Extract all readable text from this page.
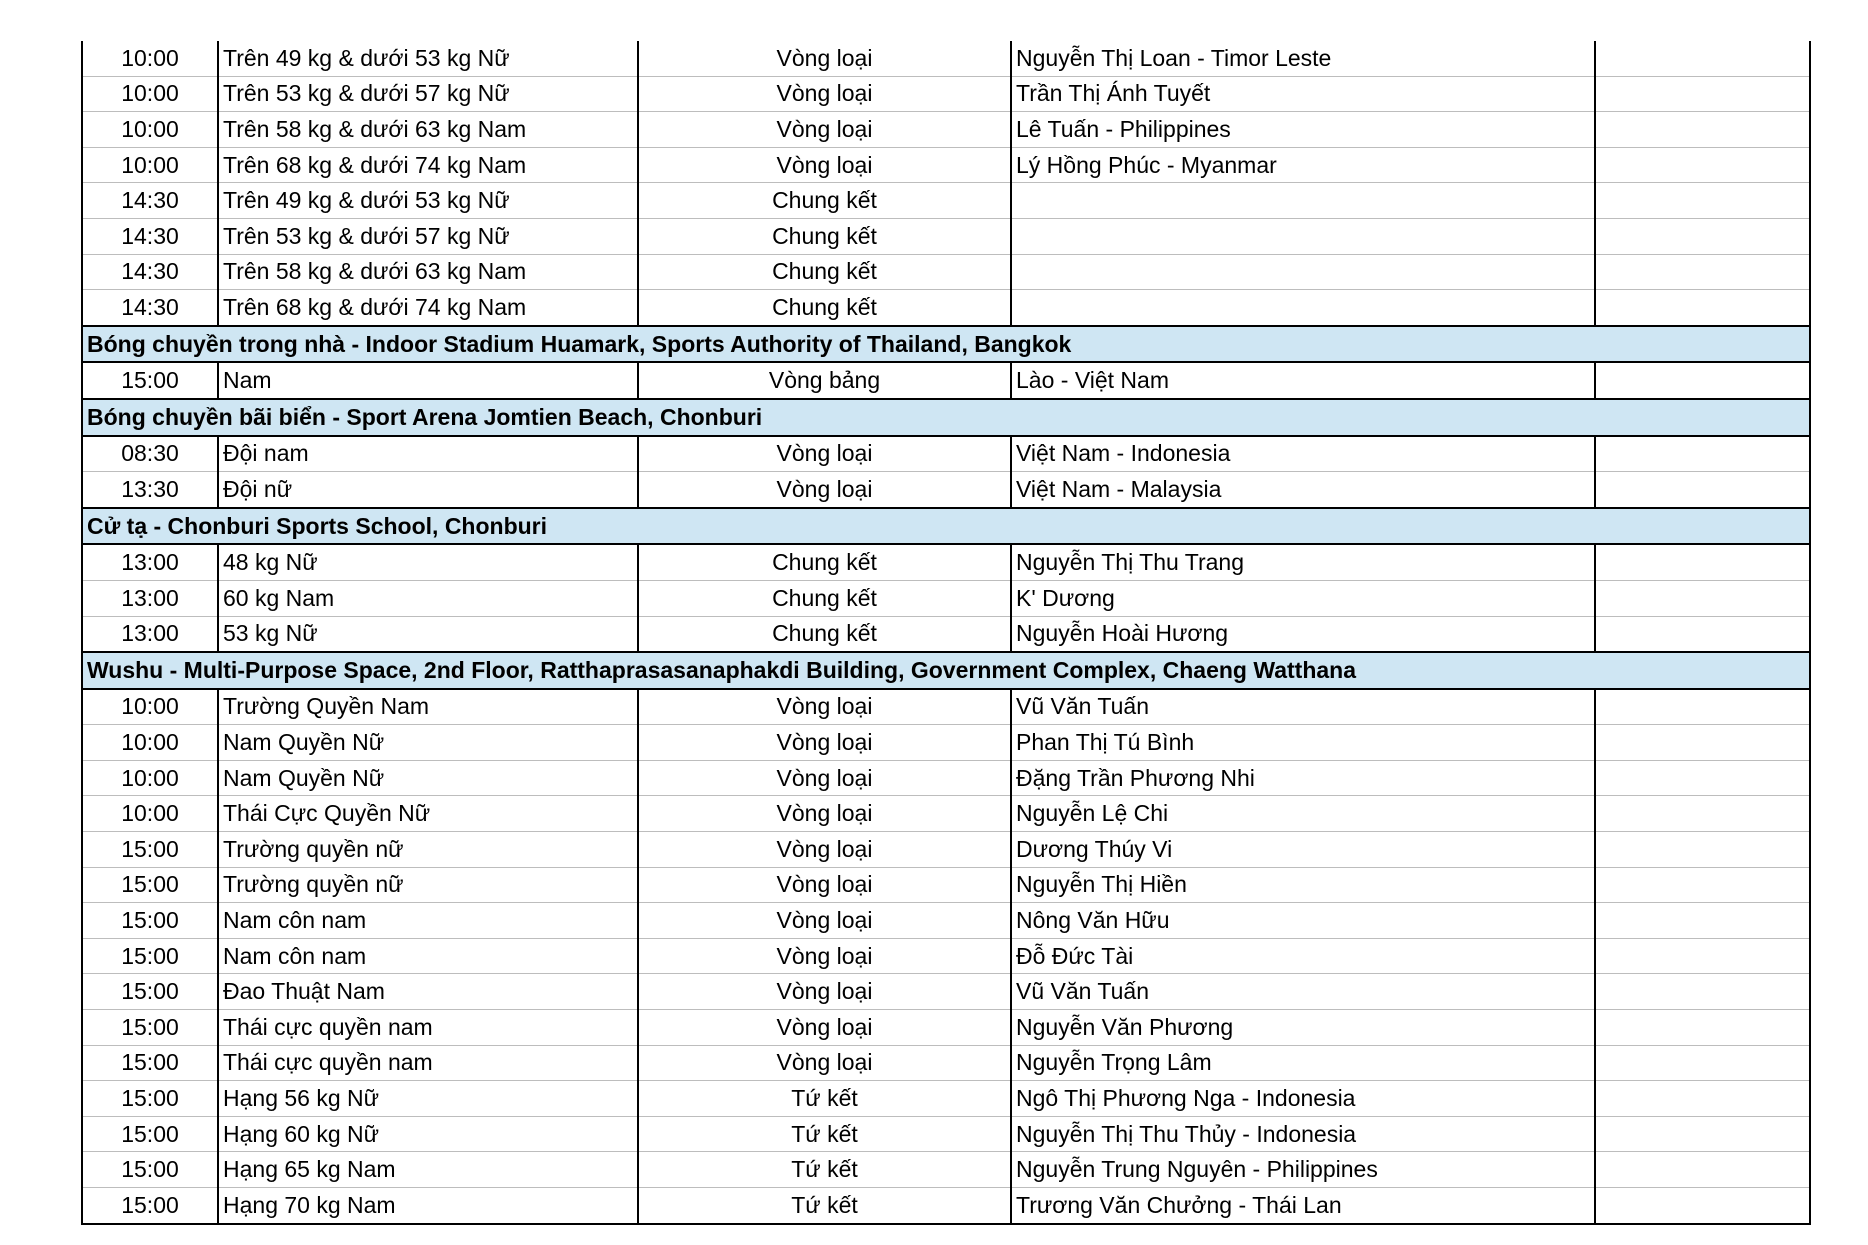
10:00	Trên 49 kg & dưới 53 kg Nữ	Vòng loại	Nguyễn Thị Loan - Timor Leste	
10:00	Trên 53 kg & dưới 57 kg Nữ	Vòng loại	Trần Thị Ánh Tuyết	
10:00	Trên 58 kg & dưới 63 kg Nam	Vòng loại	Lê Tuấn - Philippines	
10:00	Trên 68 kg & dưới 74 kg Nam	Vòng loại	Lý Hồng Phúc - Myanmar	
14:30	Trên 49 kg & dưới 53 kg Nữ	Chung kết		
14:30	Trên 53 kg & dưới 57 kg Nữ	Chung kết		
14:30	Trên 58 kg & dưới 63 kg Nam	Chung kết		
14:30	Trên 68 kg & dưới 74 kg Nam	Chung kết		
Bóng chuyền trong nhà - Indoor Stadium Huamark, Sports Authority of Thailand, Bangkok				
15:00	Nam	Vòng bảng	Lào - Việt Nam	
Bóng chuyền bãi biển - Sport Arena Jomtien Beach, Chonburi				
08:30	Đội nam	Vòng loại	Việt Nam - Indonesia	
13:30	Đội nữ	Vòng loại	Việt Nam - Malaysia	
Cử tạ - Chonburi Sports School, Chonburi				
13:00	48 kg Nữ	Chung kết	Nguyễn Thị Thu Trang	
13:00	60 kg Nam	Chung kết	K' Dương	
13:00	53 kg Nữ	Chung kết	Nguyễn Hoài Hương	
Wushu - Multi-Purpose Space, 2nd Floor, Ratthaprasasanaphakdi Building, Government Complex, Chaeng Watthana				
10:00	Trường Quyền Nam	Vòng loại	Vũ Văn Tuấn	
10:00	Nam Quyền Nữ	Vòng loại	Phan Thị Tú Bình	
10:00	Nam Quyền Nữ	Vòng loại	Đặng Trần Phương Nhi	
10:00	Thái Cực Quyền Nữ	Vòng loại	Nguyễn Lệ Chi	
15:00	Trường quyền nữ	Vòng loại	Dương Thúy Vi	
15:00	Trường quyền nữ	Vòng loại	Nguyễn Thị Hiền	
15:00	Nam côn nam	Vòng loại	Nông Văn Hữu	
15:00	Nam côn nam	Vòng loại	Đỗ Đức Tài	
15:00	Đao Thuật Nam	Vòng loại	Vũ Văn Tuấn	
15:00	Thái cực quyền nam	Vòng loại	Nguyễn Văn Phương	
15:00	Thái cực quyền nam	Vòng loại	Nguyễn Trọng Lâm	
15:00	Hạng 56 kg Nữ	Tứ kết	Ngô Thị Phương Nga - Indonesia	
15:00	Hạng 60 kg Nữ	Tứ kết	Nguyễn Thị Thu Thủy - Indonesia	
15:00	Hạng 65 kg Nam	Tứ kết	Nguyễn Trung Nguyên - Philippines	
15:00	Hạng 70 kg Nam	Tứ kết	Trương Văn Chưởng - Thái Lan	
